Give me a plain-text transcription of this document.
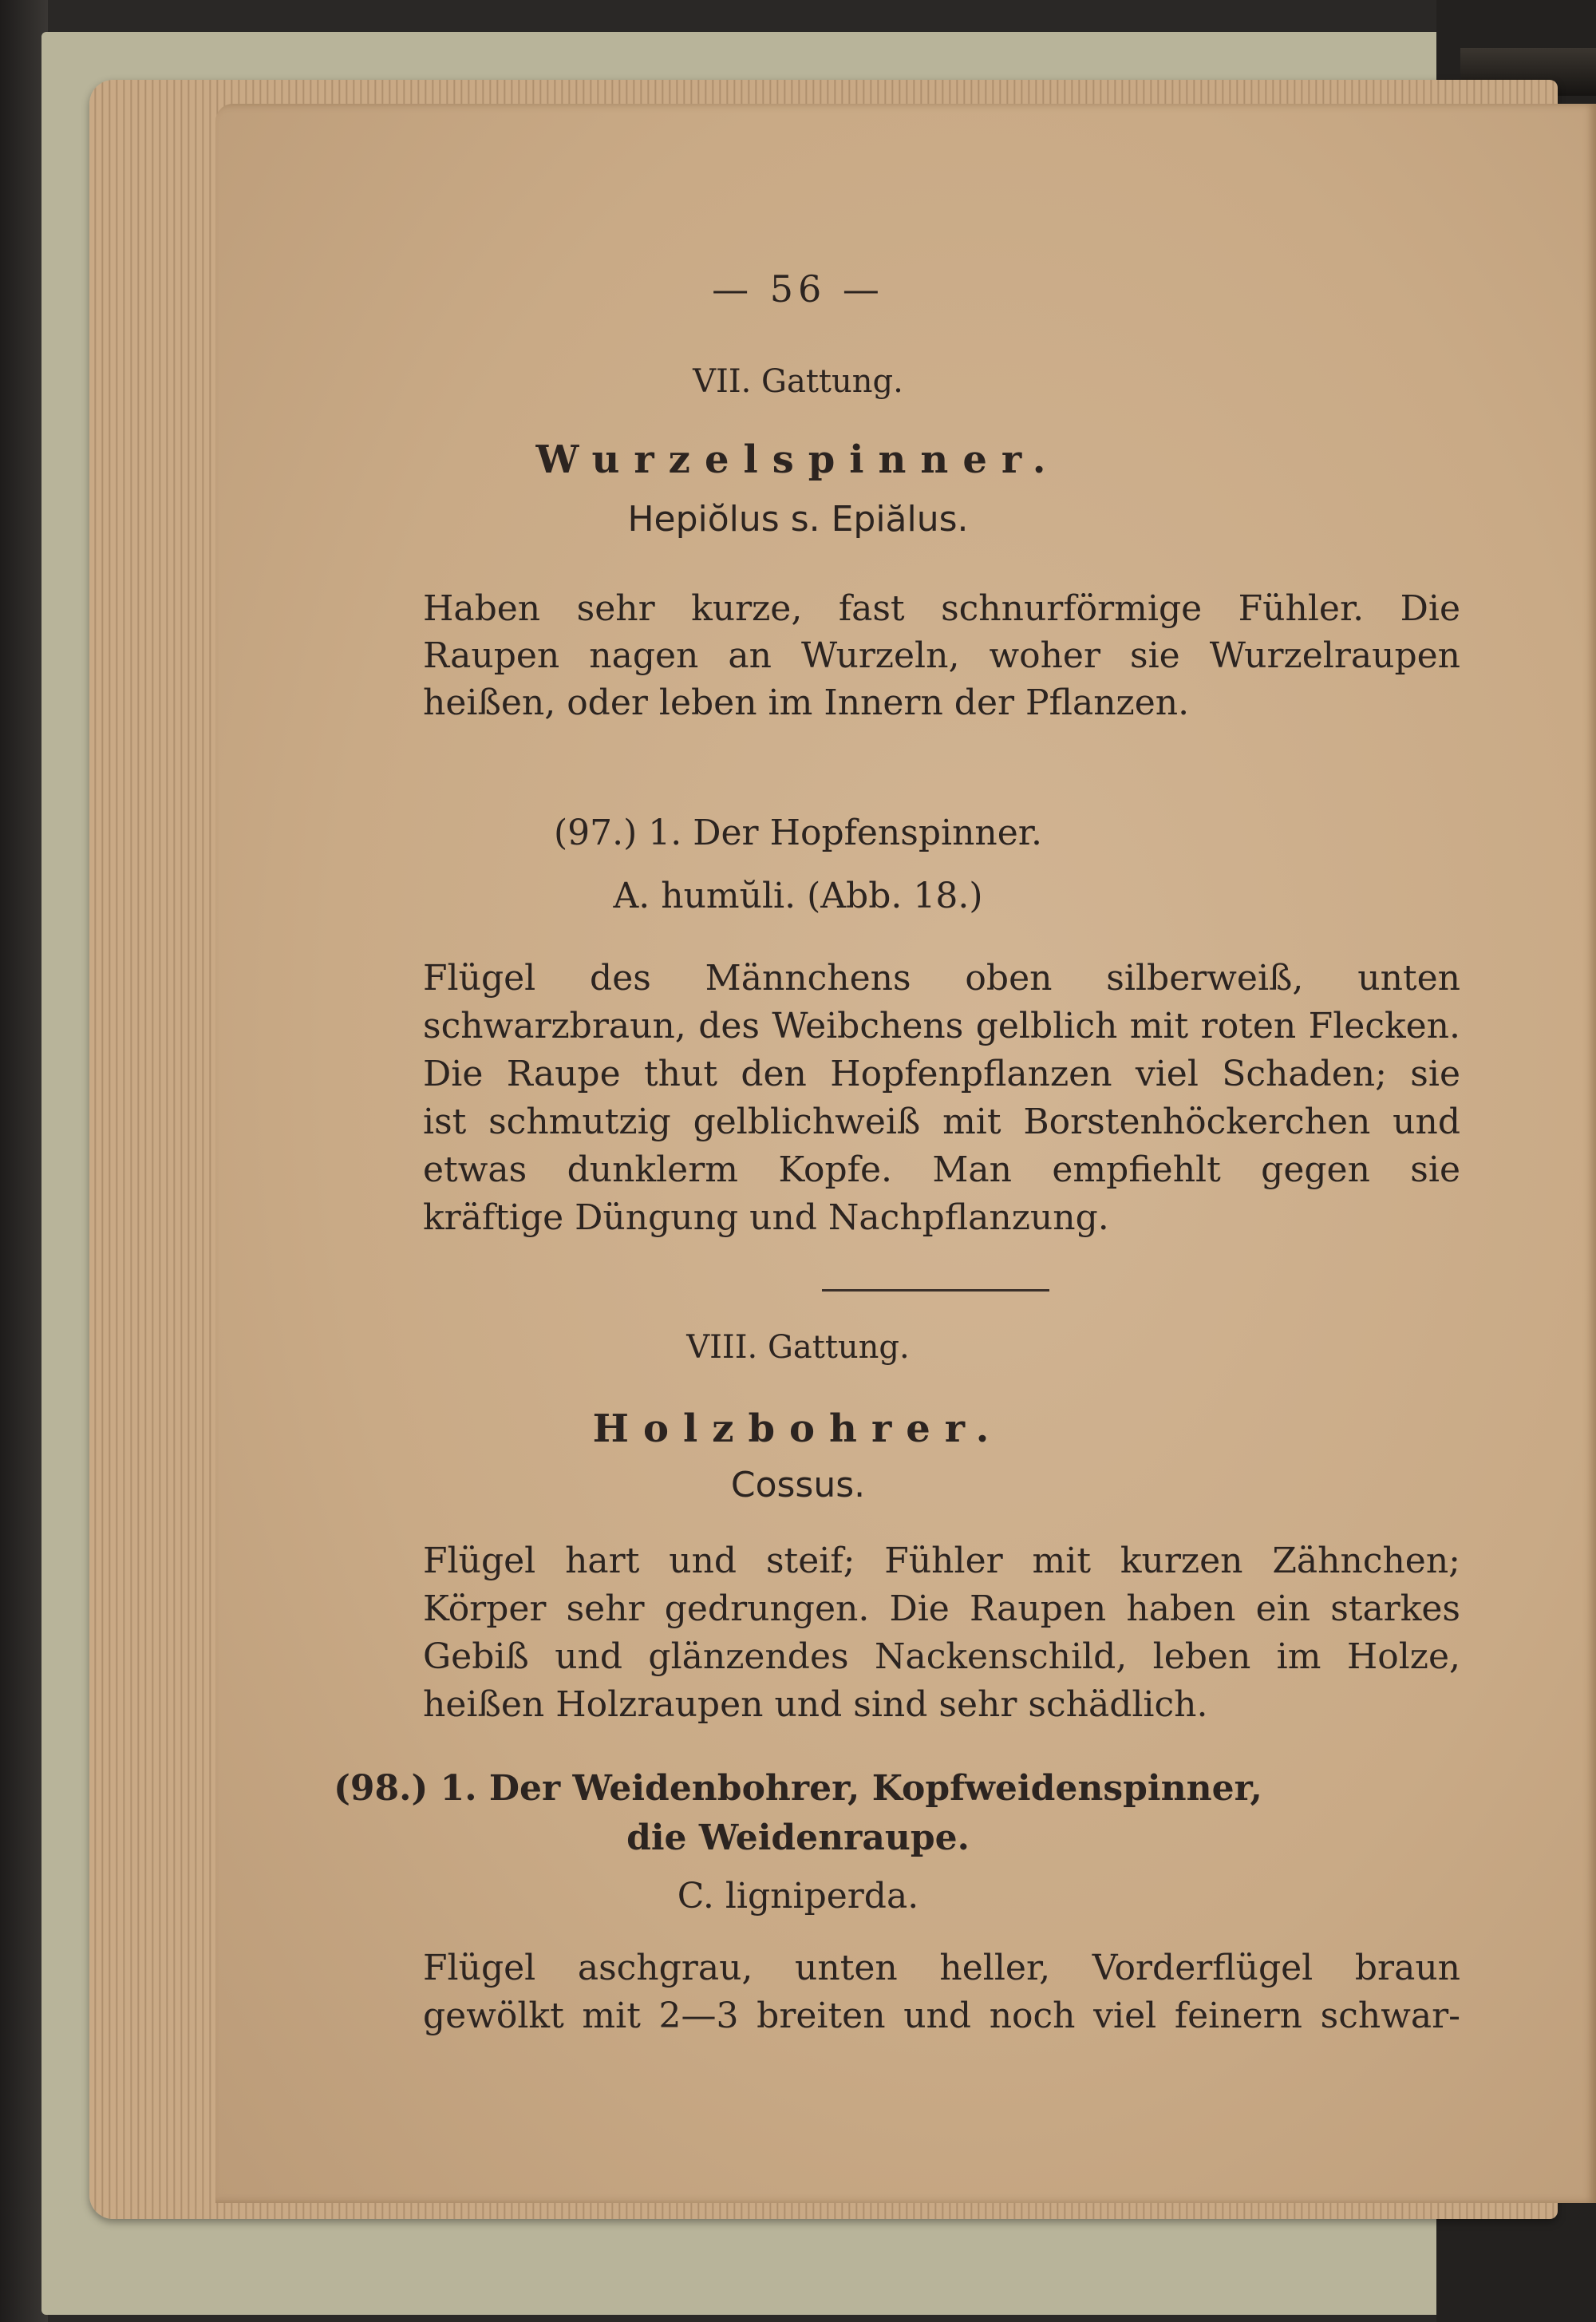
— 56 —
VII. Gattung.
Wurzelspinner.
Hepiŏlus s. Epiălus.
Haben sehr kurze, fast schnurförmige Fühler. Die
Raupen nagen an Wurzeln, woher sie Wurzelraupen
heißen, oder leben im Innern der Pflanzen.
(97.) 1. Der Hopfenspinner.
A. humŭli. (Abb. 18.)
Flügel des Männchens oben silberweiß, unten
schwarzbraun, des Weibchens gelblich mit roten Flecken.
Die Raupe thut den Hopfenpflanzen viel Schaden; sie
ist schmutzig gelblichweiß mit Borstenhöckerchen und
etwas dunklerm Kopfe. Man empfiehlt gegen sie
kräftige Düngung und Nachpflanzung.
VIII. Gattung.
Holzbohrer.
Cossus.
Flügel hart und steif; Fühler mit kurzen Zähnchen;
Körper sehr gedrungen. Die Raupen haben ein starkes
Gebiß und glänzendes Nackenschild, leben im Holze,
heißen Holzraupen und sind sehr schädlich.
(98.) 1. Der Weidenbohrer, Kopfweidenspinner,
die Weidenraupe.
C. ligniperda.
Flügel aschgrau, unten heller, Vorderflügel braun
gewölkt mit 2—3 breiten und noch viel feinern schwar-
